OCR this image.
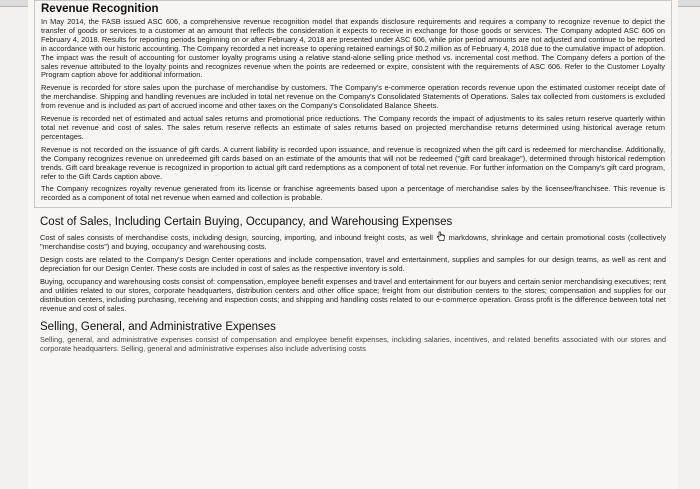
Revenue Recognition

In May 2014, the FASB issued ASC 606, a comprehensive revenue recognition model that expands disclosure requirements and requires a company to recognize revenue to depict the transfer of goods or services to a customer at an amount that reflects the consideration it expects to receive in exchange for those goods or services. The Company adopted ASC 606 on February 4, 2018. Results for reporting periods beginning on or after February 4, 2018 are presented under ASC 606, while prior period amounts are not adjusted and continue to be reported in accordance with our historic accounting. The Company recorded a net increase to opening retained earnings of $0.2 million as of February 4, 2018 due to the cumulative impact of adoption. The impact was the result of accounting for customer loyalty programs using a relative stand-alone selling price method vs. incremental cost method. The Company defers a portion of the sales revenue attributed to the loyalty points and recognizes revenue when the points are redeemed or expire, consistent with the requirements of ASC 606. Refer to the Customer Loyalty Program caption above for additional information.

Revenue is recorded for store sales upon the purchase of merchandise by customers. The Company's e-commerce operation records revenue upon the estimated customer receipt date of the merchandise. Shipping and handling revenues are included in total net revenue on the Company's Consolidated Statements of Operations. Sales tax collected from customers is excluded from revenue and is included as part of accrued income and other taxes on the Company's Consolidated Balance Sheets.

Revenue is recorded net of estimated and actual sales returns and promotional price reductions. The Company records the impact of adjustments to its sales return reserve quarterly within total net revenue and cost of sales. The sales return reserve reflects an estimate of sales returns based on projected merchandise returns determined using historical average return percentages.

Revenue is not recorded on the issuance of gift cards. A current liability is recorded upon issuance, and revenue is recognized when the gift card is redeemed for merchandise. Additionally, the Company recognizes revenue on unredeemed gift cards based on an estimate of the amounts that will not be redeemed ("gift card breakage"), determined through historical redemption trends. Gift card breakage revenue is recognized in proportion to actual gift card redemptions as a component of total net revenue. For further information on the Company's gift card program, refer to the Gift Cards caption above.

The Company recognizes royalty revenue generated from its license or franchise agreements based upon a percentage of merchandise sales by the licensee/franchisee. This revenue is recorded as a component of total net revenue when earned and collection is probable.

Cost of Sales, Including Certain Buying, Occupancy, and Warehousing Expenses

Cost of sales consists of merchandise costs, including design, sourcing, importing, and inbound freight costs, as well markdowns, shrinkage and certain promotional costs (collectively "merchandise costs") and buying, occupancy and warehousing costs.

Design costs are related to the Company's Design Center operations and include compensation, travel and entertainment, supplies and samples for our design teams, as well as rent and depreciation for our Design Center. These costs are included in cost of sales as the respective inventory is sold.

Buying, occupancy and warehousing costs consist of: compensation, employee benefit expenses and travel and entertainment for our buyers and certain senior merchandising executives; rent and utilities related to our stores, corporate headquarters, distribution centers and other office space; freight from our distribution centers to the stores; compensation and supplies for our distribution centers, including purchasing, receiving and inspection costs; and shipping and handling costs related to our e-commerce operation. Gross profit is the difference between total net revenue and cost of sales.

Selling, General, and Administrative Expenses

Selling, general, and administrative expenses consist of compensation and employee benefit expenses, including salaries, incentives, and related benefits associated with our stores and corporate headquarters. Selling, general and administrative expenses also include advertising costs
